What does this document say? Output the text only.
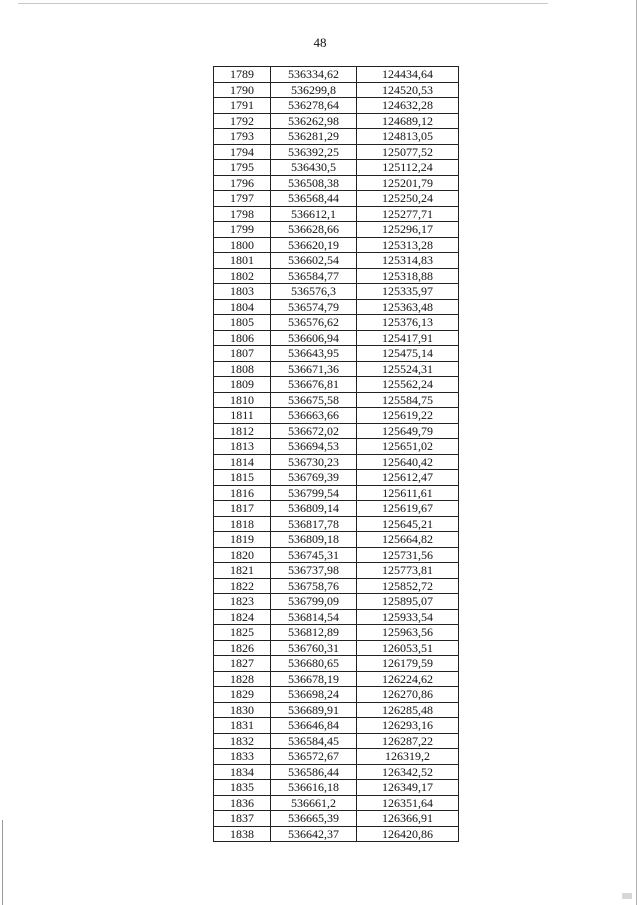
48
1789	536334,62	124434,64
1790	536299,8	124520,53
1791	536278,64	124632,28
1792	536262,98	124689,12
1793	536281,29	124813,05
1794	536392,25	125077,52
1795	536430,5	125112,24
1796	536508,38	125201,79
1797	536568,44	125250,24
1798	536612,1	125277,71
1799	536628,66	125296,17
1800	536620,19	125313,28
1801	536602,54	125314,83
1802	536584,77	125318,88
1803	536576,3	125335,97
1804	536574,79	125363,48
1805	536576,62	125376,13
1806	536606,94	125417,91
1807	536643,95	125475,14
1808	536671,36	125524,31
1809	536676,81	125562,24
1810	536675,58	125584,75
1811	536663,66	125619,22
1812	536672,02	125649,79
1813	536694,53	125651,02
1814	536730,23	125640,42
1815	536769,39	125612,47
1816	536799,54	125611,61
1817	536809,14	125619,67
1818	536817,78	125645,21
1819	536809,18	125664,82
1820	536745,31	125731,56
1821	536737,98	125773,81
1822	536758,76	125852,72
1823	536799,09	125895,07
1824	536814,54	125933,54
1825	536812,89	125963,56
1826	536760,31	126053,51
1827	536680,65	126179,59
1828	536678,19	126224,62
1829	536698,24	126270,86
1830	536689,91	126285,48
1831	536646,84	126293,16
1832	536584,45	126287,22
1833	536572,67	126319,2
1834	536586,44	126342,52
1835	536616,18	126349,17
1836	536661,2	126351,64
1837	536665,39	126366,91
1838	536642,37	126420,86
